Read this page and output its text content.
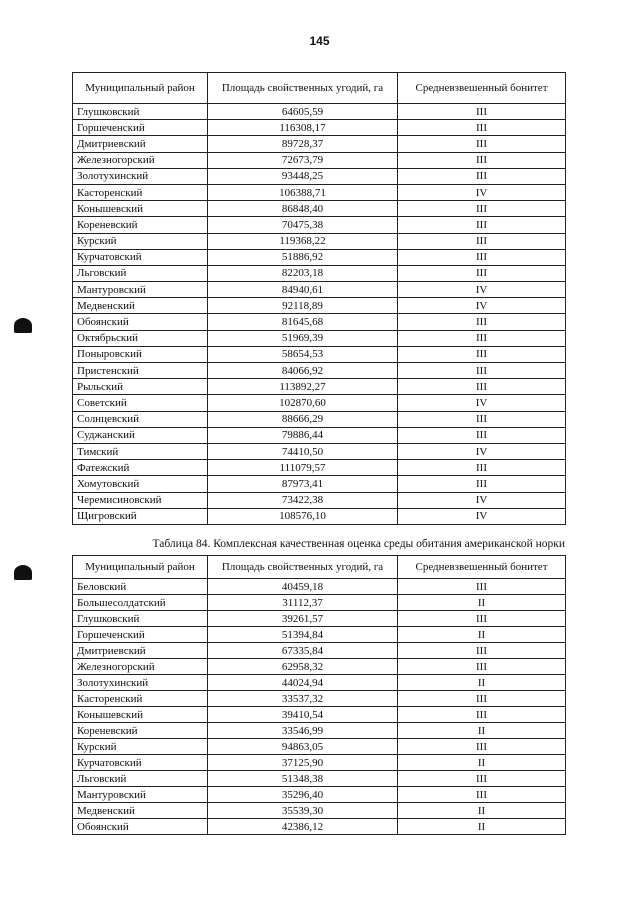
145
Муниципальный район	Площадь свойственных угодий, га	Средневзвешенный бонитет
Глушковский	64605,59	III
Горшеченский	116308,17	III
Дмитриевский	89728,37	III
Железногорский	72673,79	III
Золотухинский	93448,25	III
Касторенский	106388,71	IV
Конышевский	86848,40	III
Кореневский	70475,38	III
Курский	119368,22	III
Курчатовский	51886,92	III
Льговский	82203,18	III
Мантуровский	84940,61	IV
Медвенский	92118,89	IV
Обоянский	81645,68	III
Октябрьский	51969,39	III
Поныровский	58654,53	III
Пристенский	84066,92	III
Рыльский	113892,27	III
Советский	102870,60	IV
Солнцевский	88666,29	III
Суджанский	79886,44	III
Тимский	74410,50	IV
Фатежский	111079,57	III
Хомутовский	87973,41	III
Черемисиновский	73422,38	IV
Щигровский	108576,10	IV
Таблица 84. Комплексная качественная оценка среды обитания американской норки
Муниципальный район	Площадь свойственных угодий, га	Средневзвешенный бонитет
Беловский	40459,18	III
Большесолдатский	31112,37	II
Глушковский	39261,57	III
Горшеченский	51394,84	II
Дмитриевский	67335,84	III
Железногорский	62958,32	III
Золотухинский	44024,94	II
Касторенский	33537,32	III
Конышевский	39410,54	III
Кореневский	33546,99	II
Курский	94863,05	III
Курчатовский	37125,90	II
Льговский	51348,38	III
Мантуровский	35296,40	III
Медвенский	35539,30	II
Обоянский	42386,12	II
